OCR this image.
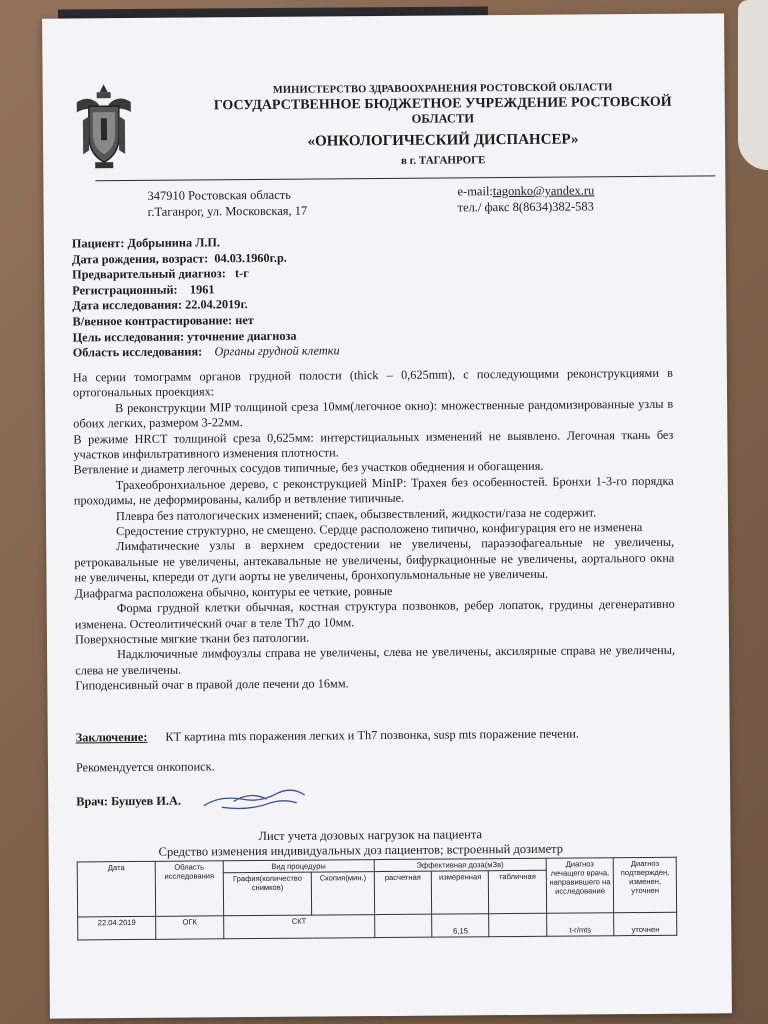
МИНИСТЕРСТВО ЗДРАВООХРАНЕНИЯ РОСТОВСКОЙ ОБЛАСТИ
ГОСУДАРСТВЕННОЕ БЮДЖЕТНОЕ УЧРЕЖДЕНИЕ РОСТОВСКОЙ
ОБЛАСТИ
«ОНКОЛОГИЧЕСКИЙ ДИСПАНСЕР»
в г. ТАГАНРОГЕ
347910 Ростовская область
г.Таганрог, ул. Московская, 17
e-mail:tagonko@yandex.ru
тел./ факс 8(8634)382-583
Пациент: Добрынина Л.П.
Дата рождения, возраст: 04.03.1960г.р.
Предварительный диагноз: t-г
Регистрационный: 1961
Дата исследования: 22.04.2019г.
В/венное контрастирование: нет
Цель исследования: уточнение диагноза
Область исследования: Органы грудной клетки

На серии томограмм органов грудной полости (thick – 0,625mm), с последующими реконструкциями в ортогональных проекциях:

В реконструкции MIP толщиной среза 10мм(легочное окно): множественные рандомизированные узлы в обоих легких, размером 3-22мм.

В режиме HRCT толщиной среза 0,625мм: интерстициальных изменений не выявлено. Легочная ткань без участков инфильтративного изменения плотности.

Ветвление и диаметр легочных сосудов типичные, без участков обеднения и обогащения.

Трахеобронхиальное дерево, с реконструкцией MinIP: Трахея без особенностей. Бронхи 1-3-го порядка проходимы, не деформированы, калибр и ветвление типичные.

Плевра без патологических изменений; спаек, обызвествлений, жидкости/газа не содержит.

Средостение структурно, не смещено. Сердце расположено типично, конфигурация его не изменена

Лимфатические узлы в верхнем средостении не увеличены, параэзофагеальные не увеличены, ретрокавальные не увеличены, антекавальные не увеличены, бифуркационные не увеличены, аортального окна не увеличены, кпереди от дуги аорты не увеличены, бронхопульмональные не увеличены.

Диафрагма расположена обычно, контуры ее четкие, ровные

Форма грудной клетки обычная, костная структура позвонков, ребер лопаток, грудины дегенеративно изменена. Остеолитический очаг в теле Th7 до 10мм.

Поверхностные мягкие ткани без патологии.

Надключичные лимфоузлы справа не увеличены, слева не увеличены, аксилярные справа не увеличены, слева не увеличены.

Гиподенсивный очаг в правой доле печени до 16мм.

Заключение: КТ картина mts поражения легких и Th7 позвонка, susp mts поражение печени.
Рекомендуется онкопоиск.
Врач: Бушуев И.А.
Лист учета дозовых нагрузок на пациента
Средство изменения индивидуальных доз пациентов; встроенный дозиметр
Дата	Область исследования	Вид процедуры		Эффективная доза(мЗв)			Диагноз лечащего врача, направившего на исследование	Диагноз подтвержден, изменен, уточнен
		Графия(количество снимков)	Скопия(мин.)	расчетная	измеренная	табличная		

22.04.2019	ОГК	СКТ			6,15		t-г/mts	уточнен
